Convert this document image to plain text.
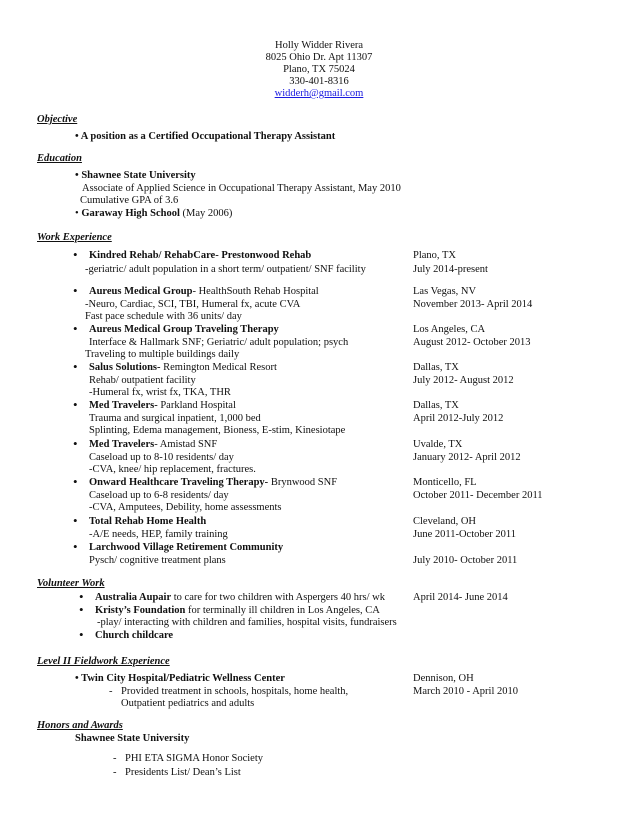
Holly Widder Rivera
8025 Ohio Dr. Apt 11307
Plano, TX 75024
330-401-8316
widderh@gmail.com
Objective
• A position as a Certified Occupational Therapy Assistant
Education
• Shawnee State University
Associate of Applied Science in Occupational Therapy Assistant, May 2010
Cumulative GPA of 3.6
• Garaway High School (May 2006)
Work Experience
• Kindred Rehab/ RehabCare- Prestonwood Rehab	Plano, TX
-geriatric/ adult population in a short term/ outpatient/ SNF facility	July 2014-present
• Aureus Medical Group- HealthSouth Rehab Hospital	Las Vegas, NV
-Neuro, Cardiac, SCI, TBI, Humeral fx, acute CVA	November 2013- April 2014
Fast pace schedule with 36 units/ day
• Aureus Medical Group Traveling Therapy	Los Angeles, CA
Interface & Hallmark SNF; Geriatric/ adult population; psych	August 2012- October 2013
Traveling to multiple buildings daily
• Salus Solutions- Remington Medical Resort	Dallas, TX
Rehab/ outpatient facility	July 2012- August 2012
-Humeral fx, wrist fx, TKA, THR
• Med Travelers- Parkland Hospital	Dallas, TX
Trauma and surgical inpatient, 1,000 bed	April 2012-July 2012
Splinting, Edema management, Bioness, E-stim, Kinesiotape
• Med Travelers- Amistad SNF	Uvalde, TX
Caseload up to 8-10 residents/ day	January 2012- April 2012
-CVA, knee/ hip replacement, fractures.
• Onward Healthcare Traveling Therapy- Brynwood SNF	Monticello, FL
Caseload up to 6-8 residents/ day	October 2011- December 2011
-CVA, Amputees, Debility, home assessments
• Total Rehab Home Health	Cleveland, OH
-A/E needs, HEP, family training	June 2011-October 2011
• Larchwood Village Retirement Community
Pysch/ cognitive treatment plans	July 2010- October 2011
Volunteer Work
• Australia Aupair to care for two children with Aspergers 40 hrs/ wk	April 2014- June 2014
• Kristy’s Foundation for terminally ill children in Los Angeles, CA
-play/ interacting with children and families, hospital visits, fundraisers
• Church childcare
Level II Fieldwork Experience
• Twin City Hospital/Pediatric Wellness Center	Dennison, OH
- Provided treatment in schools, hospitals, home health,	March 2010 - April 2010
Outpatient pediatrics and adults
Honors and Awards
Shawnee State University
- PHI ETA SIGMA Honor Society
- Presidents List/ Dean’s List
